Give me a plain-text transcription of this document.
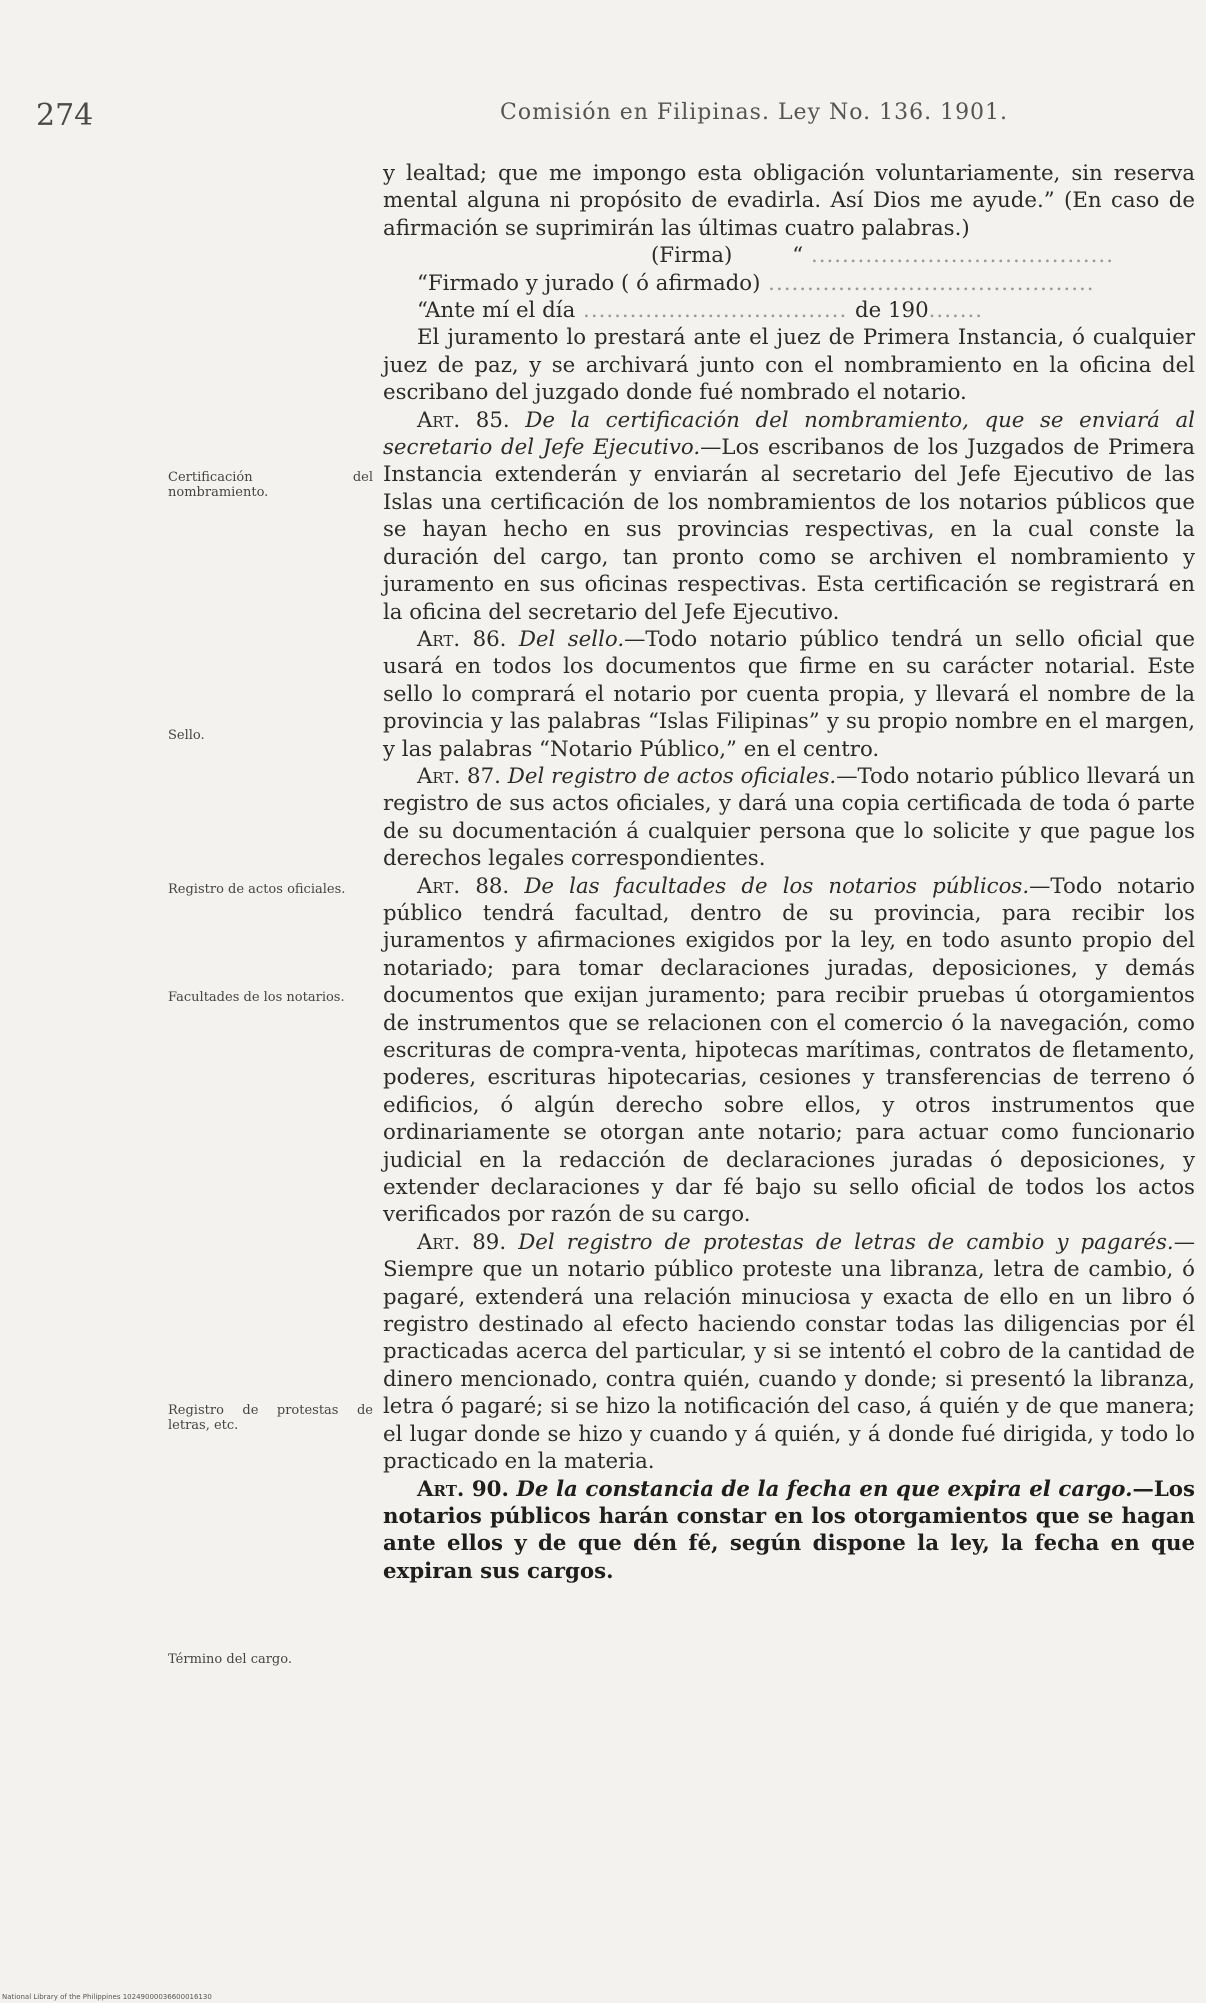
274	Comisión en Filipinas. Ley No. 136. 1901.
Certificación del nombramiento.
Sello.
Registro de actos oficiales.
Facultades de los notarios.
Registro de protestas de letras, etc.
Término del cargo.

y lealtad; que me impongo esta obligación voluntariamente, sin reserva mental alguna ni propósito de evadirla. Así Dios me ayude.” (En caso de afirmación se suprimirán las últimas cuatro palabras.)

(Firma)	“ .......................................

“Firmado y jurado ( ó afirmado) ..........................................

“Ante mí el día .................................. de 190.......

El juramento lo prestará ante el juez de Primera Instancia, ó cualquier juez de paz, y se archivará junto con el nombramiento en la oficina del escribano del juzgado donde fué nombrado el notario.

Art. 85. De la certificación del nombramiento, que se enviará al secretario del Jefe Ejecutivo.—Los escribanos de los Juzgados de Primera Instancia extenderán y enviarán al secretario del Jefe Ejecutivo de las Islas una certificación de los nombramientos de los notarios públicos que se hayan hecho en sus provincias respectivas, en la cual conste la duración del cargo, tan pronto como se archiven el nombramiento y juramento en sus oficinas respectivas. Esta certificación se registrará en la oficina del secretario del Jefe Ejecutivo.

Art. 86. Del sello.—Todo notario público tendrá un sello oficial que usará en todos los documentos que firme en su carácter notarial. Este sello lo comprará el notario por cuenta propia, y llevará el nombre de la provincia y las palabras “Islas Filipinas” y su propio nombre en el margen, y las palabras “Notario Público,” en el centro.

Art. 87. Del registro de actos oficiales.—Todo notario público llevará un registro de sus actos oficiales, y dará una copia certificada de toda ó parte de su documentación á cualquier persona que lo solicite y que pague los derechos legales correspondientes.

Art. 88. De las facultades de los notarios públicos.—Todo notario público tendrá facultad, dentro de su provincia, para recibir los juramentos y afirmaciones exigidos por la ley, en todo asunto propio del notariado; para tomar declaraciones juradas, deposiciones, y demás documentos que exijan juramento; para recibir pruebas ú otorgamientos de instrumentos que se relacionen con el comercio ó la navegación, como escrituras de compra-venta, hipotecas marítimas, contratos de fletamento, poderes, escrituras hipotecarias, cesiones y transferencias de terreno ó edificios, ó algún derecho sobre ellos, y otros instrumentos que ordinariamente se otorgan ante notario; para actuar como funcionario judicial en la redacción de declaraciones juradas ó deposiciones, y extender declaraciones y dar fé bajo su sello oficial de todos los actos verificados por razón de su cargo.

Art. 89. Del registro de protestas de letras de cambio y pagarés.—Siempre que un notario público proteste una libranza, letra de cambio, ó pagaré, extenderá una relación minuciosa y exacta de ello en un libro ó registro destinado al efecto haciendo constar todas las diligencias por él practicadas acerca del particular, y si se intentó el cobro de la cantidad de dinero mencionado, contra quién, cuando y donde; si presentó la libranza, letra ó pagaré; si se hizo la notificación del caso, á quién y de que manera; el lugar donde se hizo y cuando y á quién, y á donde fué dirigida, y todo lo practicado en la materia.

Art. 90. De la constancia de la fecha en que expira el cargo.—Los notarios públicos harán constar en los otorgamientos que se hagan ante ellos y de que dén fé, según dispone la ley, la fecha en que expiran sus cargos.

National Library of the Philippines 10249000036600016130
